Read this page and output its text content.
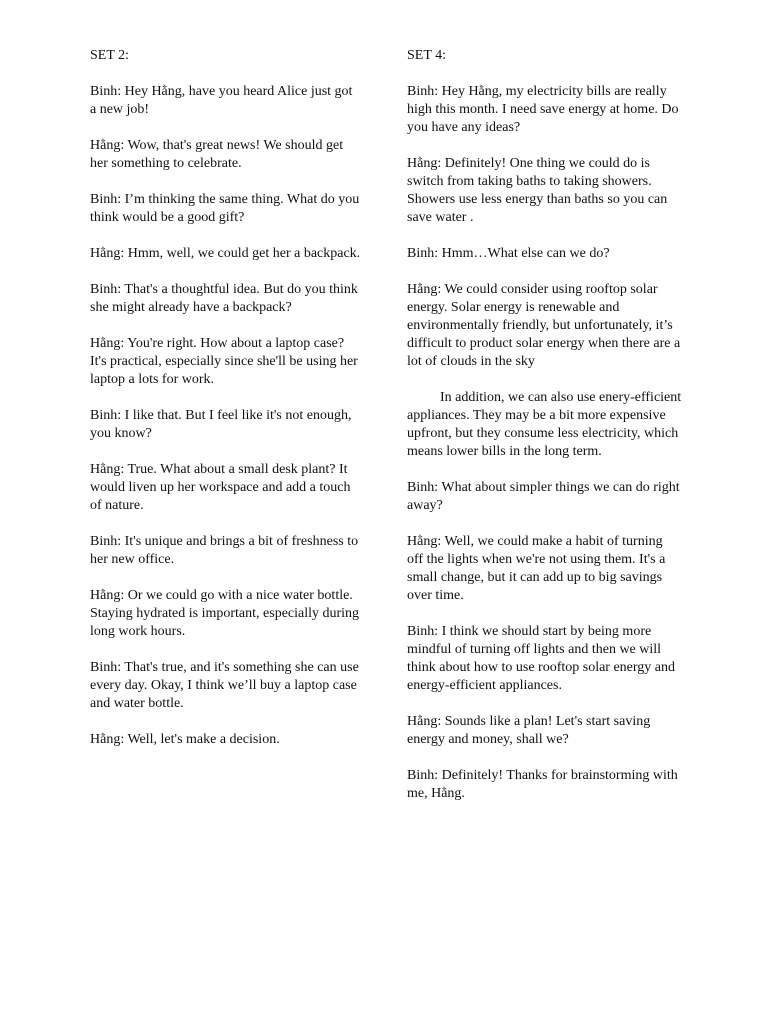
SET 2:

Binh: Hey Hằng, have you heard Alice just got a new job!

Hằng: Wow, that's great news! We should get her something to celebrate.

Binh: I’m thinking the same thing. What do you think would be a good gift?

Hằng: Hmm, well, we could get her a backpack.

Binh: That's a thoughtful idea. But do you think she might already have a backpack?

Hằng: You're right. How about a laptop case? It's practical, especially since she'll be using her laptop a lots for work.

Binh: I like that. But I feel like it's not enough, you know?

Hằng: True. What about a small desk plant? It would liven up her workspace and add a touch of nature.

Binh: It's unique and brings a bit of freshness to her new office.

Hằng: Or we could go with a nice water bottle. Staying hydrated is important, especially during long work hours.

Binh: That's true, and it's something she can use every day. Okay, I think we’ll buy a laptop case and water bottle.

Hằng: Well, let's make a decision.

SET 4:

Binh: Hey Hằng, my electricity bills are really high this month. I need save energy at home. Do you have any ideas?

Hằng: Definitely! One thing we could do is switch from taking baths to taking showers. Showers use less energy than baths so you can save water .

Binh: Hmm…What else can we do?

Hằng: We could consider using rooftop solar energy. Solar energy is renewable and environmentally friendly, but unfortunately, it’s difficult to product solar energy when there are a lot of clouds in the sky

In addition, we can also use enery-efficient appliances. They may be a bit more expensive upfront, but they consume less electricity, which means lower bills in the long term.

Binh: What about simpler things we can do right away?

Hằng: Well, we could make a habit of turning off the lights when we're not using them. It's a small change, but it can add up to big savings over time.

Binh: I think we should start by being more mindful of turning off lights and then we will think about how to use rooftop solar energy and energy-efficient appliances.

Hằng: Sounds like a plan! Let's start saving energy and money, shall we?

Binh: Definitely! Thanks for brainstorming with me, Hằng.
